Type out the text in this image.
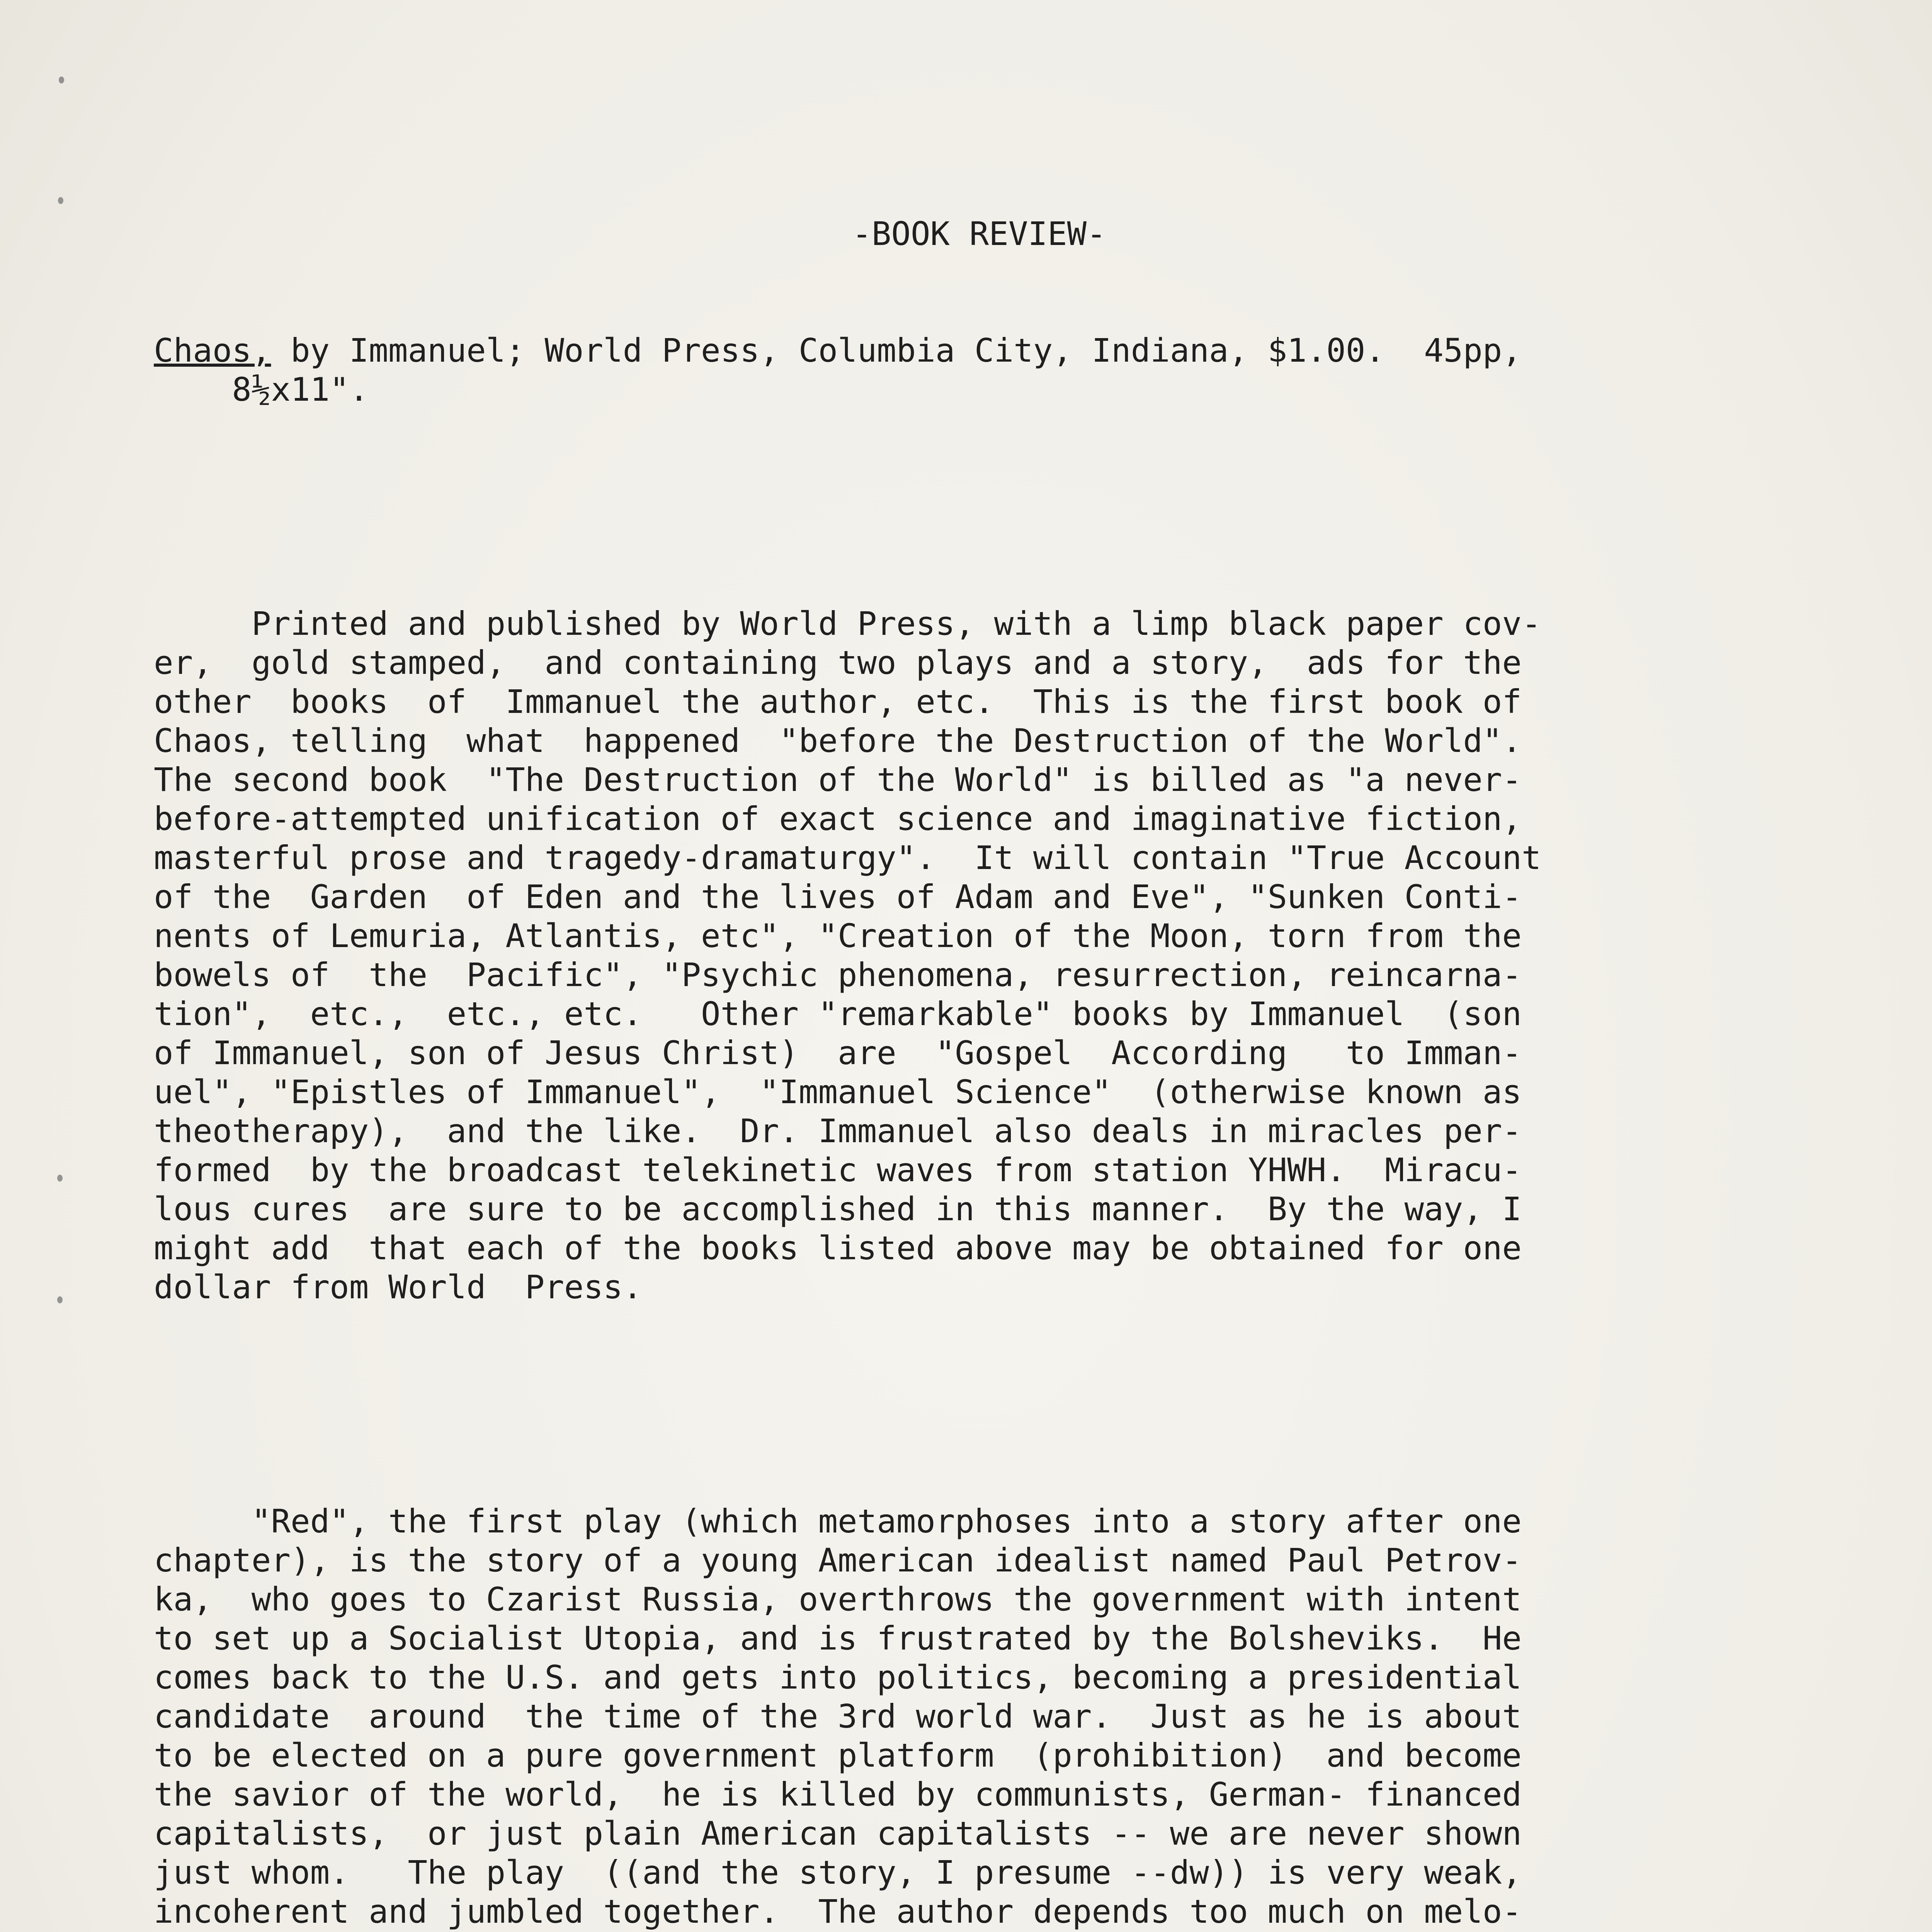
-BOOK REVIEW-

Chaos, by Immanuel; World Press, Columbia City, Indiana, $1.00.  45pp,
8½x11".

Printed and published by World Press, with a limp black paper cov-
er,  gold stamped,  and containing two plays and a story,  ads for the
other  books  of  Immanuel the author, etc.  This is the first book of
Chaos, telling  what  happened  "before the Destruction of the World".
The second book  "The Destruction of the World" is billed as "a never-
before-attempted unification of exact science and imaginative fiction,
masterful prose and tragedy-dramaturgy".  It will contain "True Account
of the  Garden  of Eden and the lives of Adam and Eve", "Sunken Conti-
nents of Lemuria, Atlantis, etc", "Creation of the Moon, torn from the
bowels of  the  Pacific", "Psychic phenomena, resurrection, reincarna-
tion",  etc.,  etc., etc.   Other "remarkable" books by Immanuel  (son
of Immanuel, son of Jesus Christ)  are  "Gospel  According   to Imman-
uel", "Epistles of Immanuel",  "Immanuel Science"  (otherwise known as
theotherapy),  and the like.  Dr. Immanuel also deals in miracles per-
formed  by the broadcast telekinetic waves from station YHWH.  Miracu-
lous cures  are sure to be accomplished in this manner.  By the way, I
might add  that each of the books listed above may be obtained for one
dollar from World  Press.

"Red", the first play (which metamorphoses into a story after one
chapter), is the story of a young American idealist named Paul Petrov-
ka,  who goes to Czarist Russia, overthrows the government with intent
to set up a Socialist Utopia, and is frustrated by the Bolsheviks.  He
comes back to the U.S. and gets into politics, becoming a presidential
candidate  around  the time of the 3rd world war.  Just as he is about
to be elected on a pure government platform  (prohibition)  and become
the savior of the world,  he is killed by communists, German- financed
capitalists,  or just plain American capitalists -- we are never shown
just whom.   The play  ((and the story, I presume --dw)) is very weak,
incoherent and jumbled together.  The author depends too much on melo-
